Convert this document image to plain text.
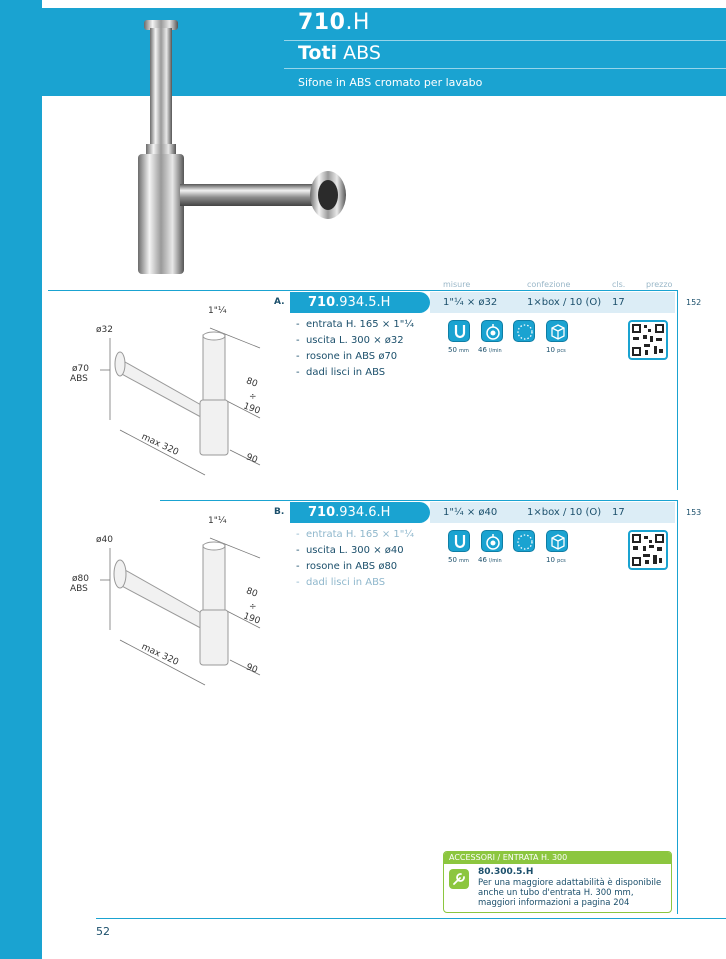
710.H
Toti ABS
Sifone in ABS cromato per lavabo
misure	confezione	cls.	prezzo
A.	710.934.5.H	1"¼ × ø32	1×box / 10 (O) 17	152
-  entrata H. 165 × 1"¼
-  uscita L. 300 × ø32
-  rosone in ABS ø70
-  dadi lisci in ABS
50 mm 46 l/min	10 pcs
ø32
ø70
ABS
1"¼
80
÷
190
90
max 320
B.	710.934.6.H	1"¼ × ø40	1×box / 10 (O) 17	153
-  entrata H. 165 × 1"¼
-  uscita L. 300 × ø40
-  rosone in ABS ø80
-  dadi lisci in ABS
50 mm 46 l/min	10 pcs
ø40
ø80
ABS
1"¼
80
÷
190
90
max 320
ACCESSORI / ENTRATA H. 300
80.300.5.H
Per una maggiore adattabilità è disponibile anche un tubo d'entrata H. 300 mm, maggiori informazioni a pagina 204
52
